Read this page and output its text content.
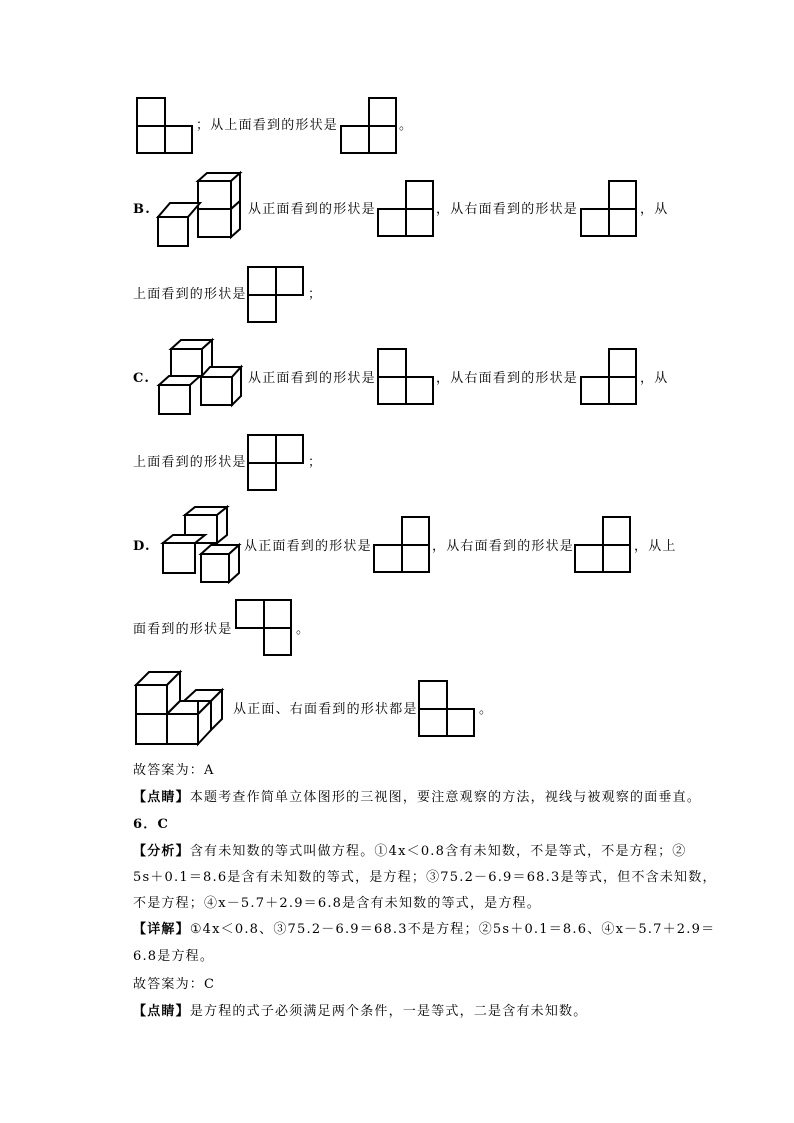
；从上面看到的形状是	。
B.	从正面看到的形状是	，从右面看到的形状是	，从
上面看到的形状是	；
C.	从正面看到的形状是	，从右面看到的形状是	，从
上面看到的形状是	；
D.	从正面看到的形状是	，从右面看到的形状是	，从上
面看到的形状是	。
从正面、右面看到的形状都是	。
故答案为：A
【点睛】本题考查作简单立体图形的三视图，要注意观察的方法，视线与被观察的面垂直。
6．C
【分析】含有未知数的等式叫做方程。①4x＜0.8含有未知数，不是等式，不是方程；②
5s＋0.1＝8.6是含有未知数的等式，是方程；③75.2－6.9＝68.3是等式，但不含未知数，
不是方程；④x－5.7＋2.9＝6.8是含有未知数的等式，是方程。
【详解】①4x＜0.8、③75.2－6.9＝68.3不是方程；②5s＋0.1＝8.6、④x－5.7＋2.9＝
6.8是方程。
故答案为：C
【点睛】是方程的式子必须满足两个条件，一是等式，二是含有未知数。
